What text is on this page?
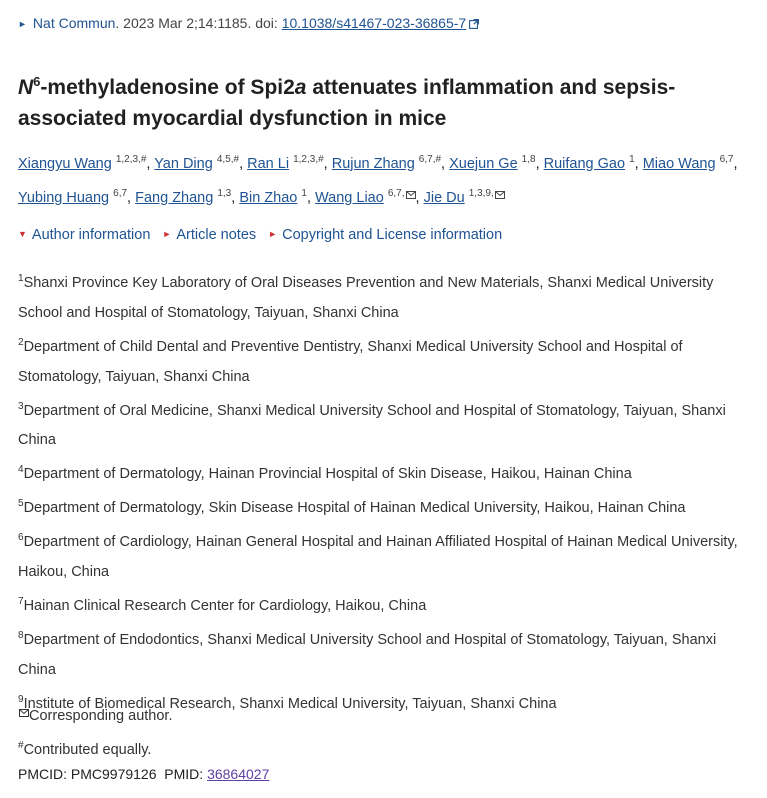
► Nat Commun. 2023 Mar 2;14:1185. doi: 10.1038/s41467-023-36865-7
$N^6$-methyladenosine of Spi2a attenuates inflammation and sepsis-associated myocardial dysfunction in mice
Xiangyu Wang $^{1,2,3,\#}$, Yan Ding $^{4,5,\#}$, Ran Li $^{1,2,3,\#}$, Rujun Zhang $^{6,7,\#}$, Xuejun Ge $^{1,8}$, Ruifang Gao $^1$, Miao Wang $^{6,7}$, Yubing Huang $^{6,7}$, Fang Zhang $^{1,3}$, Bin Zhao $^1$, Wang Liao $^{6,7,}$ , Jie Du $^{1,3,9,}$
▼ Author information ► Article notes ► Copyright and License information
$^1$Shanxi Province Key Laboratory of Oral Diseases Prevention and New Materials, Shanxi Medical University School and Hospital of Stomatology, Taiyuan, Shanxi China
$^2$Department of Child Dental and Preventive Dentistry, Shanxi Medical University School and Hospital of Stomatology, Taiyuan, Shanxi China
$^3$Department of Oral Medicine, Shanxi Medical University School and Hospital of Stomatology, Taiyuan, Shanxi China
$^4$Department of Dermatology, Hainan Provincial Hospital of Skin Disease, Haikou, Hainan China
$^5$Department of Dermatology, Skin Disease Hospital of Hainan Medical University, Haikou, Hainan China
$^6$Department of Cardiology, Hainan General Hospital and Hainan Affiliated Hospital of Hainan Medical University, Haikou, China
$^7$Hainan Clinical Research Center for Cardiology, Haikou, China
$^8$Department of Endodontics, Shanxi Medical University School and Hospital of Stomatology, Taiyuan, Shanxi China
$^9$Institute of Biomedical Research, Shanxi Medical University, Taiyuan, Shanxi China
Corresponding author.
#Contributed equally.
PMCID: PMC9979126 PMID: 36864027
